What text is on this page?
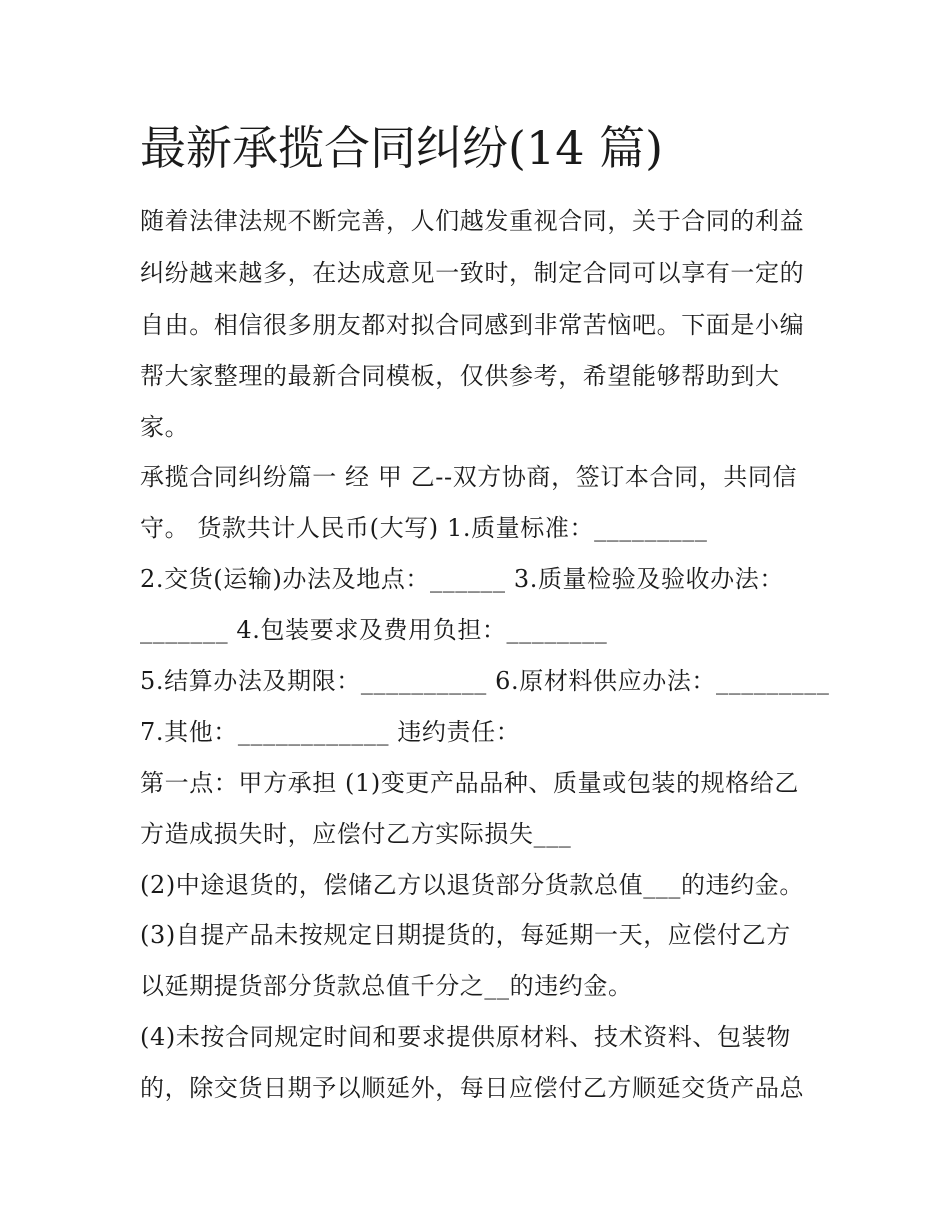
最新承揽合同纠纷(14 篇)
随着法律法规不断完善，人们越发重视合同，关于合同的利益
纠纷越来越多，在达成意见一致时，制定合同可以享有一定的
自由。相信很多朋友都对拟合同感到非常苦恼吧。下面是小编
帮大家整理的最新合同模板，仅供参考，希望能够帮助到大
家。
承揽合同纠纷篇一 经 甲 乙--双方协商，签订本合同，共同信
守。 货款共计人民币(大写) 1.质量标准：_________
2.交货(运输)办法及地点：______ 3.质量检验及验收办法：
_______ 4.包装要求及费用负担：________
5.结算办法及期限：__________ 6.原材料供应办法：_________
7.其他：____________ 违约责任：
第一点：甲方承担 (1)变更产品品种、质量或包装的规格给乙
方造成损失时，应偿付乙方实际损失___
(2)中途退货的，偿储乙方以退货部分货款总值___的违约金。
(3)自提产品未按规定日期提货的，每延期一天，应偿付乙方
以延期提货部分货款总值千分之__的违约金。
(4)未按合同规定时间和要求提供原材料、技术资料、包装物
的，除交货日期予以顺延外，每日应偿付乙方顺延交货产品总
